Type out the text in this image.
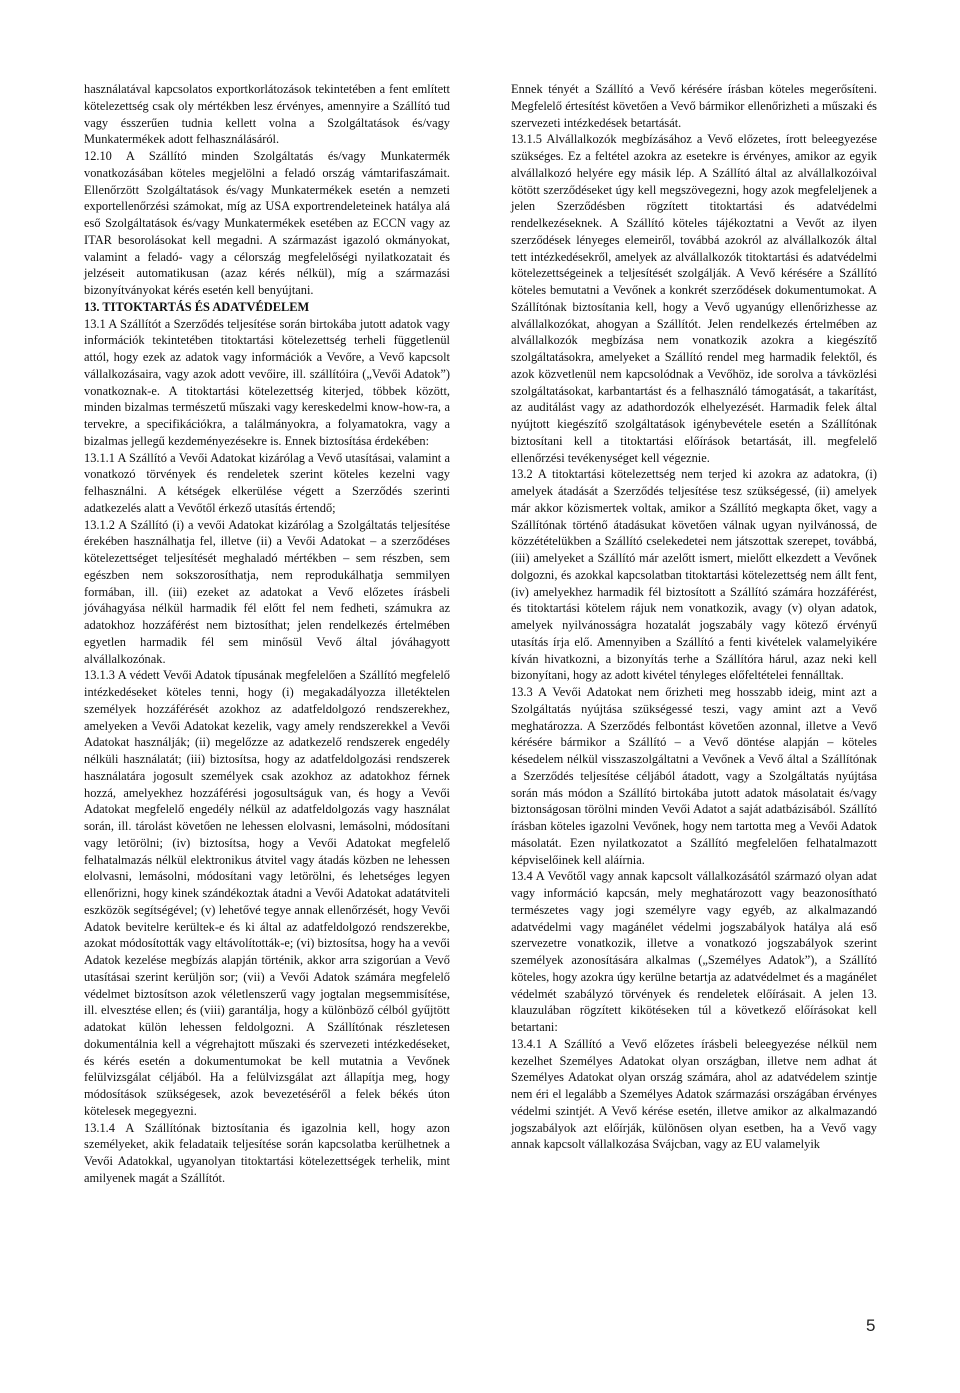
használatával kapcsolatos exportkorlátozások tekintetében a fent említett kötelezettség csak oly mértékben lesz érvényes, amennyire a Szállító tud vagy ésszerűen tudnia kellett volna a Szolgáltatások és/vagy Munkatermékek adott felhasználásáról.

12.10 A Szállító minden Szolgáltatás és/vagy Munkatermék vonatkozásában köteles megjelölni a feladó ország vámtarifaszámait. Ellenőrzött Szolgáltatások és/vagy Munkatermékek esetén a nemzeti exportellenőrzési számokat, míg az USA exportrendeleteinek hatálya alá eső Szolgáltatások és/vagy Munkatermékek esetében az ECCN vagy az ITAR besorolásokat kell megadni. A származást igazoló okmányokat, valamint a feladó- vagy a célország megfelelőségi nyilatkozatait és jelzéseit automatikusan (azaz kérés nélkül), míg a származási bizonyítványokat kérés esetén kell benyújtani.

13. TITOKTARTÁS ÉS ADATVÉDELEM

13.1 A Szállítót a Szerződés teljesítése során birtokába jutott adatok vagy információk tekintetében titoktartási kötelezettség terheli függetlenül attól, hogy ezek az adatok vagy információk a Vevőre, a Vevő kapcsolt vállalkozásaira, vagy azok adott vevőire, ill. szállítóira („Vevői Adatok”) vonatkoznak-e. A titoktartási kötelezettség kiterjed, többek között, minden bizalmas természetű műszaki vagy kereskedelmi know-how-ra, a tervekre, a specifikációkra, a találmányokra, a folyamatokra, vagy a bizalmas jellegű kezdeményezésekre is. Ennek biztosítása érdekében:

13.1.1 A Szállító a Vevői Adatokat kizárólag a Vevő utasításai, valamint a vonatkozó törvények és rendeletek szerint köteles kezelni vagy felhasználni. A kétségek elkerülése végett a Szerződés szerinti adatkezelés alatt a Vevőtől érkező utasítás értendő;

13.1.2 A Szállító (i) a vevői Adatokat kizárólag a Szolgáltatás teljesítése érekében használhatja fel, illetve (ii) a Vevői Adatokat – a szerződéses kötelezettséget teljesítését meghaladó mértékben – sem részben, sem egészben nem sokszorosíthatja, nem reprodukálhatja semmilyen formában, ill. (iii) ezeket az adatokat a Vevő előzetes írásbeli jóváhagyása nélkül harmadik fél előtt fel nem fedheti, számukra az adatokhoz hozzáférést nem biztosíthat; jelen rendelkezés értelmében egyetlen harmadik fél sem minősül Vevő által jóváhagyott alvállalkozónak.

13.1.3 A védett Vevői Adatok típusának megfelelően a Szállító megfelelő intézkedéseket köteles tenni, hogy (i) megakadályozza illetéktelen személyek hozzáférését azokhoz az adatfeldolgozó rendszerekhez, amelyeken a Vevői Adatokat kezelik, vagy amely rendszerekkel a Vevői Adatokat használják; (ii) megelőzze az adatkezelő rendszerek engedély nélküli használatát; (iii) biztosítsa, hogy az adatfeldolgozási rendszerek használatára jogosult személyek csak azokhoz az adatokhoz férnek hozzá, amelyekhez hozzáférési jogosultságuk van, és hogy a Vevői Adatokat megfelelő engedély nélkül az adatfeldolgozás vagy használat során, ill. tárolást követően ne lehessen elolvasni, lemásolni, módosítani vagy letörölni; (iv) biztosítsa, hogy a Vevői Adatokat megfelelő felhatalmazás nélkül elektronikus átvitel vagy átadás közben ne lehessen elolvasni, lemásolni, módosítani vagy letörölni, és lehetséges legyen ellenőrizni, hogy kinek szándékoztak átadni a Vevői Adatokat adatátviteli eszközök segítségével; (v) lehetővé tegye annak ellenőrzését, hogy Vevői Adatok bevitelre kerültek-e és ki által az adatfeldolgozó rendszerekbe, azokat módosították vagy eltávolították-e; (vi) biztosítsa, hogy ha a vevői Adatok kezelése megbízás alapján történik, akkor arra szigorúan a Vevő utasításai szerint kerüljön sor; (vii) a Vevői Adatok számára megfelelő védelmet biztosítson azok véletlenszerű vagy jogtalan megsemmisítése, ill. elvesztése ellen; és (viii) garantálja, hogy a különböző célból gyűjtött adatokat külön lehessen feldolgozni. A Szállítónak részletesen dokumentálnia kell a végrehajtott műszaki és szervezeti intézkedéseket, és kérés esetén a dokumentumokat be kell mutatnia a Vevőnek felülvizsgálat céljából. Ha a felülvizsgálat azt állapítja meg, hogy módosítások szükségesek, azok bevezetéséről a felek békés úton kötelesek megegyezni.

13.1.4 A Szállítónak biztosítania és igazolnia kell, hogy azon személyeket, akik feladataik teljesítése során kapcsolatba kerülhetnek a Vevői Adatokkal, ugyanolyan titoktartási kötelezettségek terhelik, mint amilyenek magát a Szállítót.

Ennek tényét a Szállító a Vevő kérésére írásban köteles megerősíteni. Megfelelő értesítést követően a Vevő bármikor ellenőrizheti a műszaki és szervezeti intézkedések betartását.

13.1.5 Alvállalkozók megbízásához a Vevő előzetes, írott beleegyezése szükséges. Ez a feltétel azokra az esetekre is érvényes, amikor az egyik alvállalkozó helyére egy másik lép. A Szállító által az alvállalkozóival kötött szerződéseket úgy kell megszövegezni, hogy azok megfeleljenek a jelen Szerződésben rögzített titoktartási és adatvédelmi rendelkezéseknek. A Szállító köteles tájékoztatni a Vevőt az ilyen szerződések lényeges elemeiről, továbbá azokról az alvállalkozók által tett intézkedésekről, amelyek az alvállalkozók titoktartási és adatvédelmi kötelezettségeinek a teljesítését szolgálják. A Vevő kérésére a Szállító köteles bemutatni a Vevőnek a konkrét szerződések dokumentumokat. A Szállítónak biztosítania kell, hogy a Vevő ugyanúgy ellenőrizhesse az alvállalkozókat, ahogyan a Szállítót. Jelen rendelkezés értelmében az alvállalkozók megbízása nem vonatkozik azokra a kiegészítő szolgáltatásokra, amelyeket a Szállító rendel meg harmadik felektől, és azok közvetlenül nem kapcsolódnak a Vevőhöz, ide sorolva a távközlési szolgáltatásokat, karbantartást és a felhasználó támogatását, a takarítást, az auditálást vagy az adathordozók elhelyezését. Harmadik felek által nyújtott kiegészítő szolgáltatások igénybevétele esetén a Szállítónak biztosítani kell a titoktartási előírások betartását, ill. megfelelő ellenőrzési tevékenységet kell végeznie.

13.2 A titoktartási kötelezettség nem terjed ki azokra az adatokra, (i) amelyek átadását a Szerződés teljesítése tesz szükségessé, (ii) amelyek már akkor közismertek voltak, amikor a Szállító megkapta őket, vagy a Szállítónak történő átadásukat követően válnak ugyan nyilvánossá, de közzétételükben a Szállító cselekedetei nem játszottak szerepet, továbbá, (iii) amelyeket a Szállító már azelőtt ismert, mielőtt elkezdett a Vevőnek dolgozni, és azokkal kapcsolatban titoktartási kötelezettség nem állt fent, (iv) amelyekhez harmadik fél biztosított a Szállító számára hozzáférést, és titoktartási kötelem rájuk nem vonatkozik, avagy (v) olyan adatok, amelyek nyilvánosságra hozatalát jogszabály vagy kötező érvényű utasítás írja elő. Amennyiben a Szállító a fenti kivételek valamelyikére kíván hivatkozni, a bizonyítás terhe a Szállítóra hárul, azaz neki kell bizonyítani, hogy az adott kivétel tényleges előfeltételei fennálltak.

13.3 A Vevői Adatokat nem őrizheti meg hosszabb ideig, mint azt a Szolgáltatás nyújtása szükségessé teszi, vagy amint azt a Vevő meghatározza. A Szerződés felbontást követően azonnal, illetve a Vevő kérésére bármikor a Szállító – a Vevő döntése alapján – köteles késedelem nélkül visszaszolgáltatni a Vevőnek a Vevő által a Szállítónak a Szerződés teljesítése céljából átadott, vagy a Szolgáltatás nyújtása során más módon a Szállító birtokába jutott adatok másolatait és/vagy biztonságosan törölni minden Vevői Adatot a saját adatbázisából. Szállító írásban köteles igazolni Vevőnek, hogy nem tartotta meg a Vevői Adatok másolatát. Ezen nyilatkozatot a Szállító megfelelően felhatalmazott képviselőinek kell aláírnia.

13.4 A Vevőtől vagy annak kapcsolt vállalkozásától származó olyan adat vagy információ kapcsán, mely meghatározott vagy beazonosítható természetes vagy jogi személyre vagy egyéb, az alkalmazandó adatvédelmi vagy magánélet védelmi jogszabályok hatálya alá eső szervezetre vonatkozik, illetve a vonatkozó jogszabályok szerint személyek azonosítására alkalmas („Személyes Adatok”), a Szállító köteles, hogy azokra úgy kerülne betartja az adatvédelmet és a magánélet védelmét szabályzó törvények és rendeletek előírásait. A jelen 13. klauzulában rögzített kikötéseken túl a következő előírásokat kell betartani:

13.4.1 A Szállító a Vevő előzetes írásbeli beleegyezése nélkül nem kezelhet Személyes Adatokat olyan országban, illetve nem adhat át Személyes Adatokat olyan ország számára, ahol az adatvédelem szintje nem éri el legalább a Személyes Adatok származási országában érvényes védelmi szintjét. A Vevő kérése esetén, illetve amikor az alkalmazandó jogszabályok azt előírják, különösen olyan esetben, ha a Vevő vagy annak kapcsolt vállalkozása Svájcban, vagy az EU valamelyik

5
